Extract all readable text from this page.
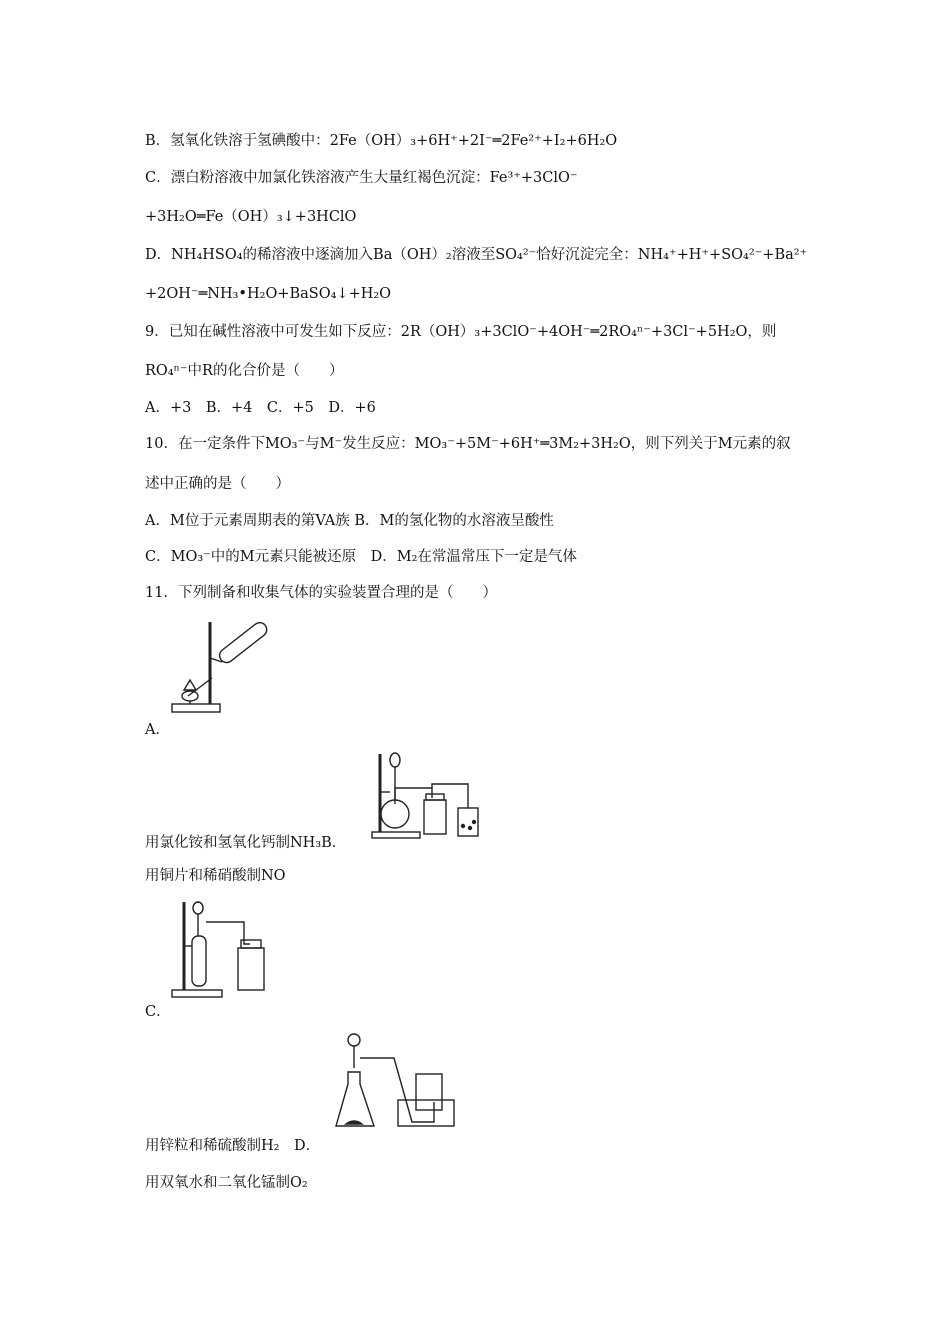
B．氢氧化铁溶于氢碘酸中：2Fe（OH）₃+6H⁺+2I⁻═2Fe²⁺+I₂+6H₂O
C．漂白粉溶液中加氯化铁溶液产生大量红褐色沉淀：Fe³⁺+3ClO⁻
+3H₂O═Fe（OH）₃↓+3HClO
D．NH₄HSO₄的稀溶液中逐滴加入Ba（OH）₂溶液至SO₄²⁻恰好沉淀完全：NH₄⁺+H⁺+SO₄²⁻+Ba²⁺
+2OH⁻═NH₃•H₂O+BaSO₄↓+H₂O
9．已知在碱性溶液中可发生如下反应：2R（OH）₃+3ClO⁻+4OH⁻═2RO₄ⁿ⁻+3Cl⁻+5H₂O，则
RO₄ⁿ⁻中R的化合价是（　　）
A．+3　B．+4　C．+5　D．+6
10．在一定条件下MO₃⁻与M⁻发生反应：MO₃⁻+5M⁻+6H⁺═3M₂+3H₂O，则下列关于M元素的叙
述中正确的是（　　）
A．M位于元素周期表的第VA族 B．M的氢化物的水溶液呈酸性
C．MO₃⁻中的M元素只能被还原　D．M₂在常温常压下一定是气体
11．下列制备和收集气体的实验装置合理的是（　　）
A．
用氯化铵和氢氧化钙制NH₃B．
用铜片和稀硝酸制NO
C．
用锌粒和稀硫酸制H₂　 D．
用双氧水和二氧化锰制O₂
